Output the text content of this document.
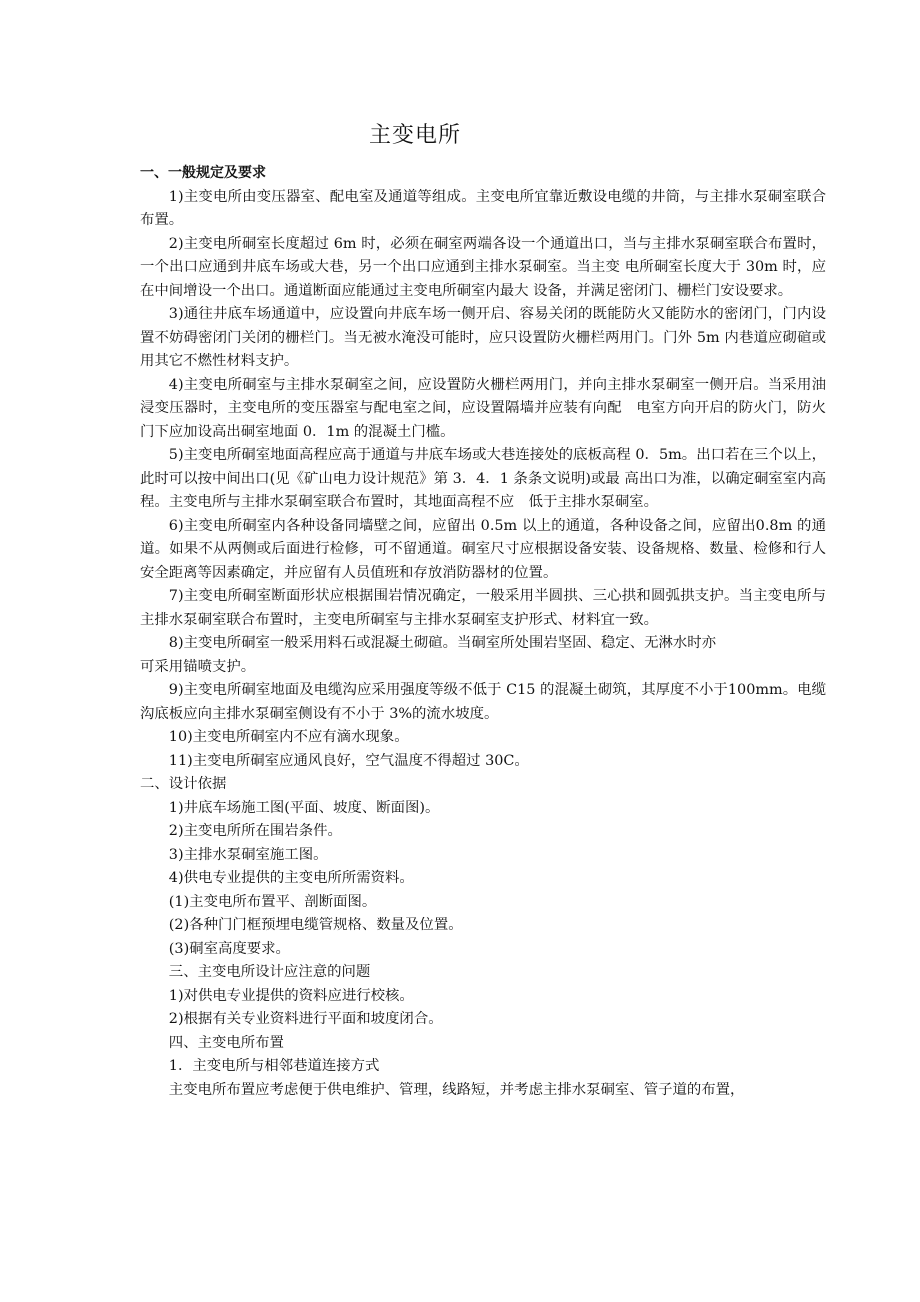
主变电所

一、一般规定及要求

1)主变电所由变压器室、配电室及通道等组成。主变电所宜靠近敷设电缆的井筒，与主排水泵硐室联合布置。

2)主变电所硐室长度超过 6m 时，必须在硐室两端各设一个通道出口，当与主排水泵硐室联合布置时，一个出口应通到井底车场或大巷，另一个出口应通到主排水泵硐室。当主变 电所硐室长度大于 30m 时，应在中间增设一个出口。通道断面应能通过主变电所硐室内最大 设备，并满足密闭门、栅栏门安设要求。

3)通往井底车场通道中，应设置向井底车场一侧开启、容易关闭的既能防火又能防水的密闭门，门内设置不妨碍密闭门关闭的栅栏门。当无被水淹没可能时，应只设置防火栅栏两用门。门外 5m 内巷道应砌碹或用其它不燃性材料支护。

4)主变电所硐室与主排水泵硐室之间，应设置防火栅栏两用门，并向主排水泵硐室一侧开启。当采用油浸变压器时，主变电所的变压器室与配电室之间，应设置隔墙并应装有向配　电室方向开启的防火门，防火门下应加设高出硐室地面 0．1m 的混凝土门槛。

5)主变电所硐室地面高程应高于通道与井底车场或大巷连接处的底板高程 0．5m。出口若在三个以上，此时可以按中间出口(见《矿山电力设计规范》第 3．4．1 条条文说明)或最 高出口为准，以确定硐室室内高程。主变电所与主排水泵硐室联合布置时，其地面高程不应　低于主排水泵硐室。

6)主变电所硐室内各种设备同墙壁之间，应留出 0.5m 以上的通道，各种设备之间，应留出0.8m 的通道。如果不从两侧或后面进行检修，可不留通道。硐室尺寸应根据设备安装、设备规格、数量、检修和行人安全距离等因素确定，并应留有人员值班和存放消防器材的位置。

7)主变电所硐室断面形状应根据围岩情况确定，一般采用半圆拱、三心拱和圆弧拱支护。当主变电所与主排水泵硐室联合布置时，主变电所硐室与主排水泵硐室支护形式、材料宜一致。

8)主变电所硐室一般采用料石或混凝土砌碹。当硐室所处围岩坚固、稳定、无淋水时亦

可采用锚喷支护。

9)主变电所硐室地面及电缆沟应采用强度等级不低于 C15 的混凝土砌筑，其厚度不小于100mm。电缆沟底板应向主排水泵硐室侧设有不小于 3%的流水坡度。

10)主变电所硐室内不应有滴水现象。

11)主变电所硐室应通风良好，空气温度不得超过 30C。

二、设计依据

1)井底车场施工图(平面、坡度、断面图)。

2)主变电所所在围岩条件。

3)主排水泵硐室施工图。

4)供电专业提供的主变电所所需资料。

(1)主变电所布置平、剖断面图。

(2)各种门门框预埋电缆管规格、数量及位置。

(3)硐室高度要求。

三、主变电所设计应注意的问题

1)对供电专业提供的资料应进行校核。

2)根据有关专业资料进行平面和坡度闭合。

四、主变电所布置

1．主变电所与相邻巷道连接方式

主变电所布置应考虑便于供电维护、管理，线路短，并考虑主排水泵硐室、管子道的布置，
